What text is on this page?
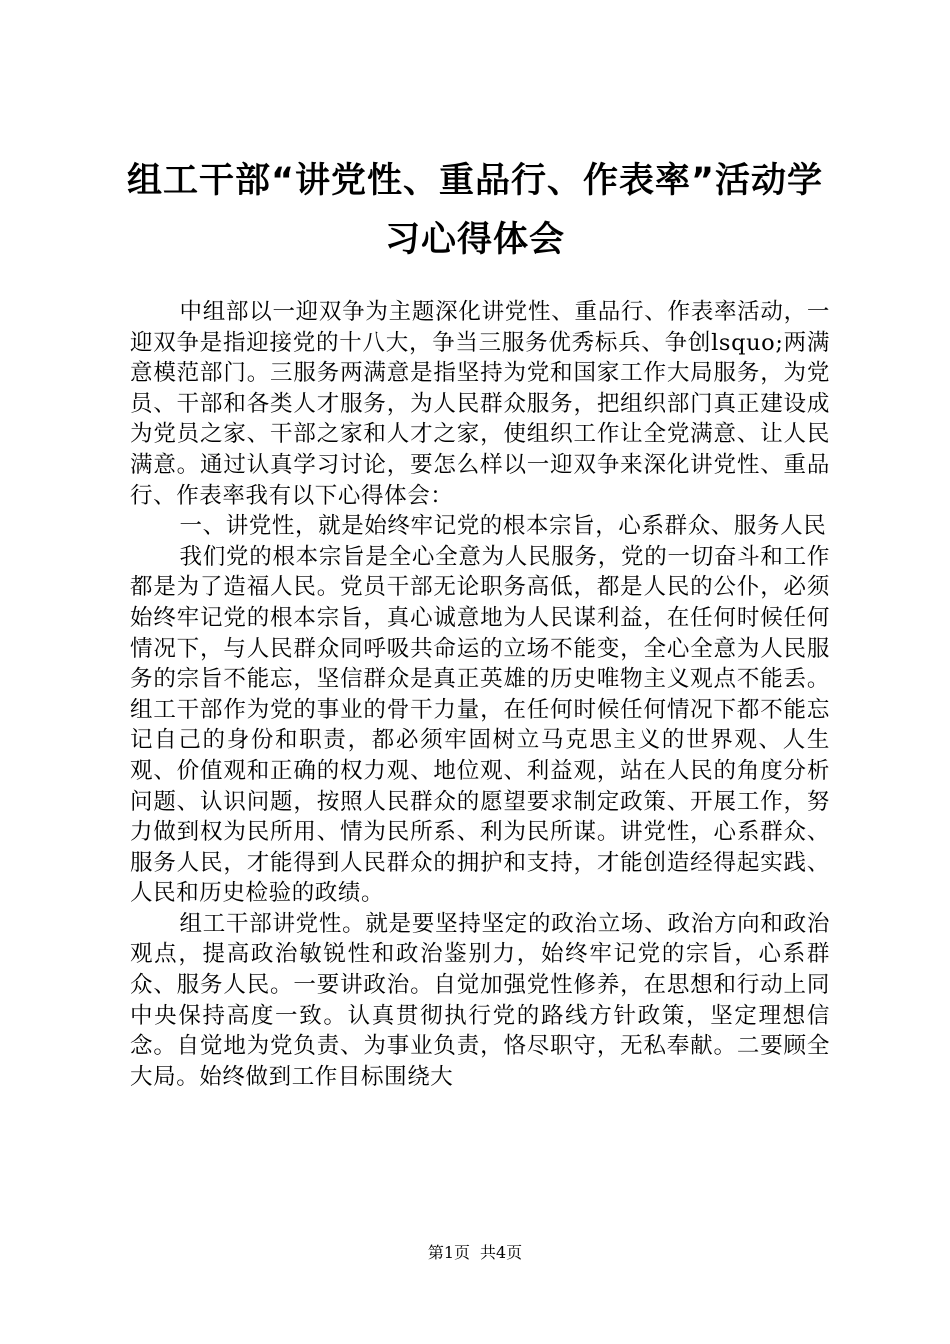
组工干部“讲党性、重品行、作表率”活动学习心得体会

中组部以一迎双争为主题深化讲党性、重品行、作表率活动，一迎双争是指迎接党的十八大，争当三服务优秀标兵、争创lsquo;两满意模范部门。三服务两满意是指坚持为党和国家工作大局服务，为党员、干部和各类人才服务，为人民群众服务，把组织部门真正建设成为党员之家、干部之家和人才之家，使组织工作让全党满意、让人民满意。通过认真学习讨论，要怎么样以一迎双争来深化讲党性、重品行、作表率我有以下心得体会：

一、讲党性，就是始终牢记党的根本宗旨，心系群众、服务人民

我们党的根本宗旨是全心全意为人民服务，党的一切奋斗和工作都是为了造福人民。党员干部无论职务高低，都是人民的公仆，必须始终牢记党的根本宗旨，真心诚意地为人民谋利益，在任何时候任何情况下，与人民群众同呼吸共命运的立场不能变，全心全意为人民服务的宗旨不能忘，坚信群众是真正英雄的历史唯物主义观点不能丢。组工干部作为党的事业的骨干力量，在任何时候任何情况下都不能忘记自己的身份和职责，都必须牢固树立马克思主义的世界观、人生观、价值观和正确的权力观、地位观、利益观，站在人民的角度分析问题、认识问题，按照人民群众的愿望要求制定政策、开展工作，努力做到权为民所用、情为民所系、利为民所谋。讲党性，心系群众、服务人民，才能得到人民群众的拥护和支持，才能创造经得起实践、人民和历史检验的政绩。

组工干部讲党性。就是要坚持坚定的政治立场、政治方向和政治观点，提高政治敏锐性和政治鉴别力，始终牢记党的宗旨，心系群众、服务人民。一要讲政治。自觉加强党性修养，在思想和行动上同中央保持高度一致。认真贯彻执行党的路线方针政策，坚定理想信念。自觉地为党负责、为事业负责，恪尽职守，无私奉献。二要顾全大局。始终做到工作目标围绕大

第1页 共4页
